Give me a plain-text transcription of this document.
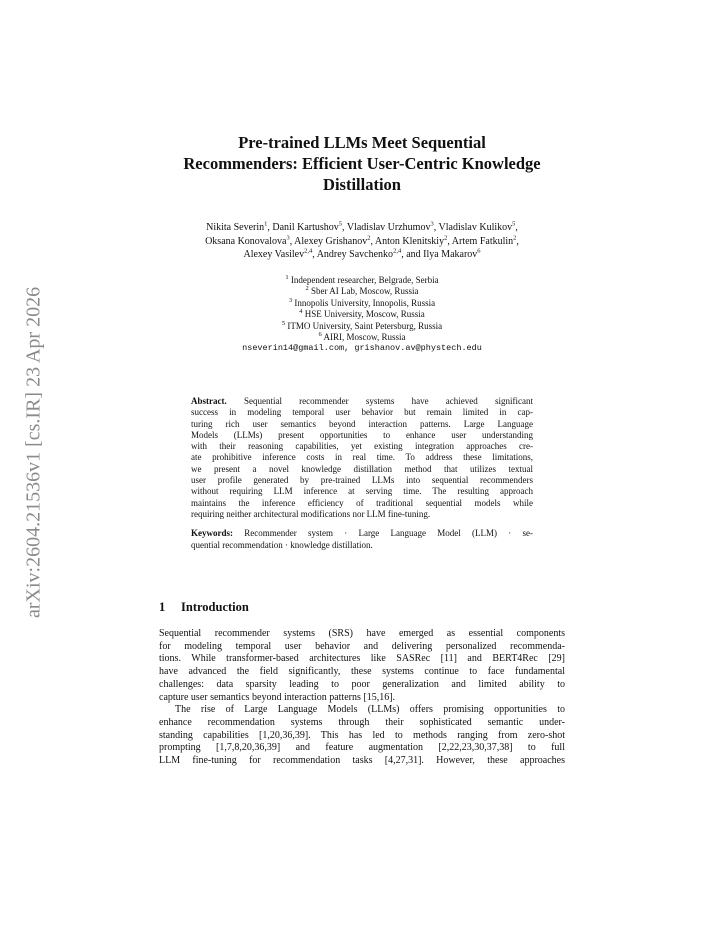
arXiv:2604.21536v1 [cs.IR] 23 Apr 2026
Pre-trained LLMs Meet Sequential
Recommenders: Efficient User-Centric Knowledge
Distillation
Nikita Severin$^1$, Danil Kartushov$^5$, Vladislav Urzhumov$^3$, Vladislav Kulikov$^5$,
Oksana Konovalova$^3$, Alexey Grishanov$^2$, Anton Klenitskiy$^2$, Artem Fatkulin$^2$,
Alexey Vasilev$^{2,4}$, Andrey Savchenko$^{2,4}$, and Ilya Makarov$^6$
$^1$ Independent researcher, Belgrade, Serbia
$^2$ Sber AI Lab, Moscow, Russia
$^3$ Innopolis University, Innopolis, Russia
$^4$ HSE University, Moscow, Russia
$^5$ ITMO University, Saint Petersburg, Russia
$^6$ AIRI, Moscow, Russia
nseverin14@gmail.com, grishanov.av@phystech.edu

Abstract. Sequential recommender systems have achieved significant
success in modeling temporal user behavior but remain limited in cap-
turing rich user semantics beyond interaction patterns. Large Language
Models (LLMs) present opportunities to enhance user understanding
with their reasoning capabilities, yet existing integration approaches cre-
ate prohibitive inference costs in real time. To address these limitations,
we present a novel knowledge distillation method that utilizes textual
user profile generated by pre-trained LLMs into sequential recommenders
without requiring LLM inference at serving time. The resulting approach
maintains the inference efficiency of traditional sequential models while
requiring neither architectural modifications nor LLM fine-tuning.

Keywords: Recommender system · Large Language Model (LLM) · se-
quential recommendation · knowledge distillation.

1 Introduction
Sequential recommender systems (SRS) have emerged as essential components
for modeling temporal user behavior and delivering personalized recommenda-
tions. While transformer-based architectures like SASRec [11] and BERT4Rec [29]
have advanced the field significantly, these systems continue to face fundamental
challenges: data sparsity leading to poor generalization and limited ability to
capture user semantics beyond interaction patterns [15,16].
The rise of Large Language Models (LLMs) offers promising opportunities to
enhance recommendation systems through their sophisticated semantic under-
standing capabilities [1,20,36,39]. This has led to methods ranging from zero-shot
prompting [1,7,8,20,36,39] and feature augmentation [2,22,23,30,37,38] to full
LLM fine-tuning for recommendation tasks [4,27,31]. However, these approaches
